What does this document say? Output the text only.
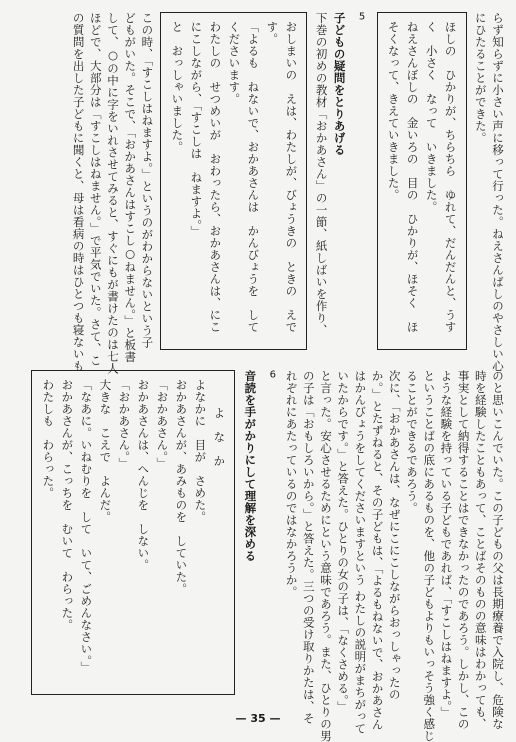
らず知らずに小さい声に移って行った。ねえさんばしのやさしい心
にひたることができた。
ほしの　ひかりが、ちらちら　ゆれて、だんだんと、うす
く　小さく　なって　いきました。
ねえさんぼしの　金いろの　目の　ひかりが、ほそく　ほ
そくなって、きえていきました。
5
子どもの疑問をとりあげる
下巻の初めの教材「おかあさん」の一節、紙しばいを作り、
おしまいの　えは、わたしが、びょうきの　ときの　えで
す。
「よるも　ねないで、おかあさんは　かんびょうを　して
くださいます。
わたしの　せつめいが　おわったら、おかあさんは、にこ
にこしながら、「すこしは　ねますよ。」
と　おっしゃいました。
この時、「すこしはねますよ。」というのがわからないという子
どもがいた。そこで、「おかあさんはすこし○ねません。」と板書
して、○の中に字をいれさせてみると、すぐにもが書けたのは七人
ほどで、大部分は「すこしはねません。」で平気でいた。さて、こ
の質問を出した子どもに聞くと、母は看病の時はひとつも寝ないも
のと思いこんでいた。この子どもの父は長期療養で入院し、危険な
時を経験したこともあって、ことばそのものの意味はわかっても、
事実として納得することはできなかったのであろう。しかし、この
ような経験を持っている子どもであれば、「すこしはねますよ。」
ということばの底にあるものを、他の子どもよりもいっそう強く感じ
ることができるであろう。
次に、「おかあさんは、なぜにこにこしながらおっしゃったの
か。」とたずねると、その子どもは、「よるもねないで、おかあさん
はかんびょうをしてくださいますという わたしの説明がまちがって
いたからです。」と答えた。ひとりの女の子は、「なくさめる。」
と言った。安心させるためにという意味であろう。また、ひとりの男
の子は「おもしろいから。」と答えた。三つの受け取りかたは、そ
れぞれにあたっているのではなかろうか。
6
音読を手がかりにして理解を深める
よ　な　か
よなかに　目が　さめた。
おかあさんが、あみものを　していた。
「おかあさん。」
おかあさんは、へんじを　しない。
「おかあさん。」
大きな　こえで　よんだ。
「なあに。いねむりを　して　いて、ごめんなさい。」
おかあさんが、こっちを　むいて　わらった。
わたしも　わらった。
— 35 —
